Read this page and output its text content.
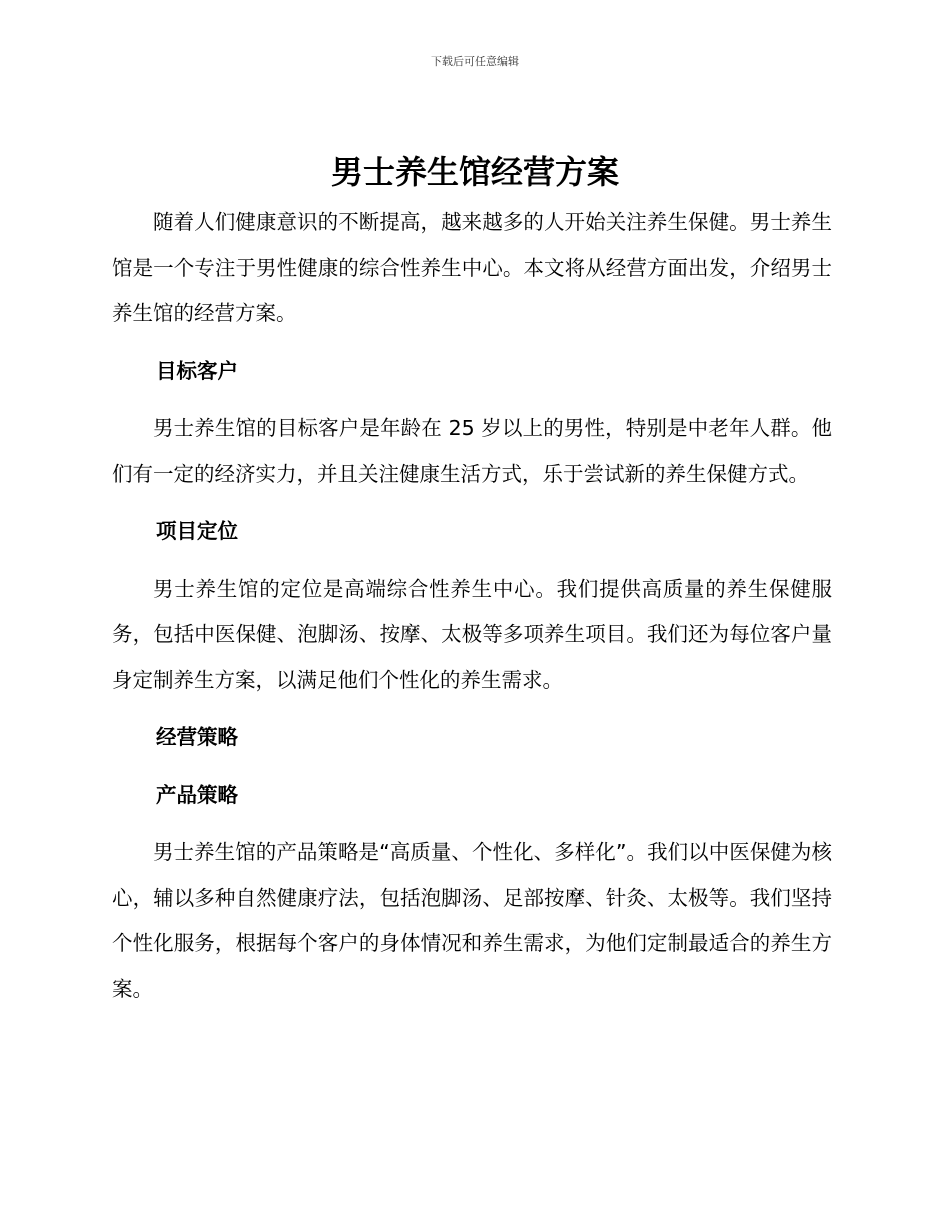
下载后可任意编辑
男士养生馆经营方案

随着人们健康意识的不断提高，越来越多的人开始关注养生保健。男士养生馆是一个专注于男性健康的综合性养生中心。本文将从经营方面出发，介绍男士养生馆的经营方案。

目标客户

男士养生馆的目标客户是年龄在 25 岁以上的男性，特别是中老年人群。他们有一定的经济实力，并且关注健康生活方式，乐于尝试新的养生保健方式。

项目定位

男士养生馆的定位是高端综合性养生中心。我们提供高质量的养生保健服务，包括中医保健、泡脚汤、按摩、太极等多项养生项目。我们还为每位客户量身定制养生方案，以满足他们个性化的养生需求。

经营策略
产品策略

男士养生馆的产品策略是“高质量、个性化、多样化”。我们以中医保健为核心，辅以多种自然健康疗法，包括泡脚汤、足部按摩、针灸、太极等。我们坚持个性化服务，根据每个客户的身体情况和养生需求，为他们定制最适合的养生方案。
